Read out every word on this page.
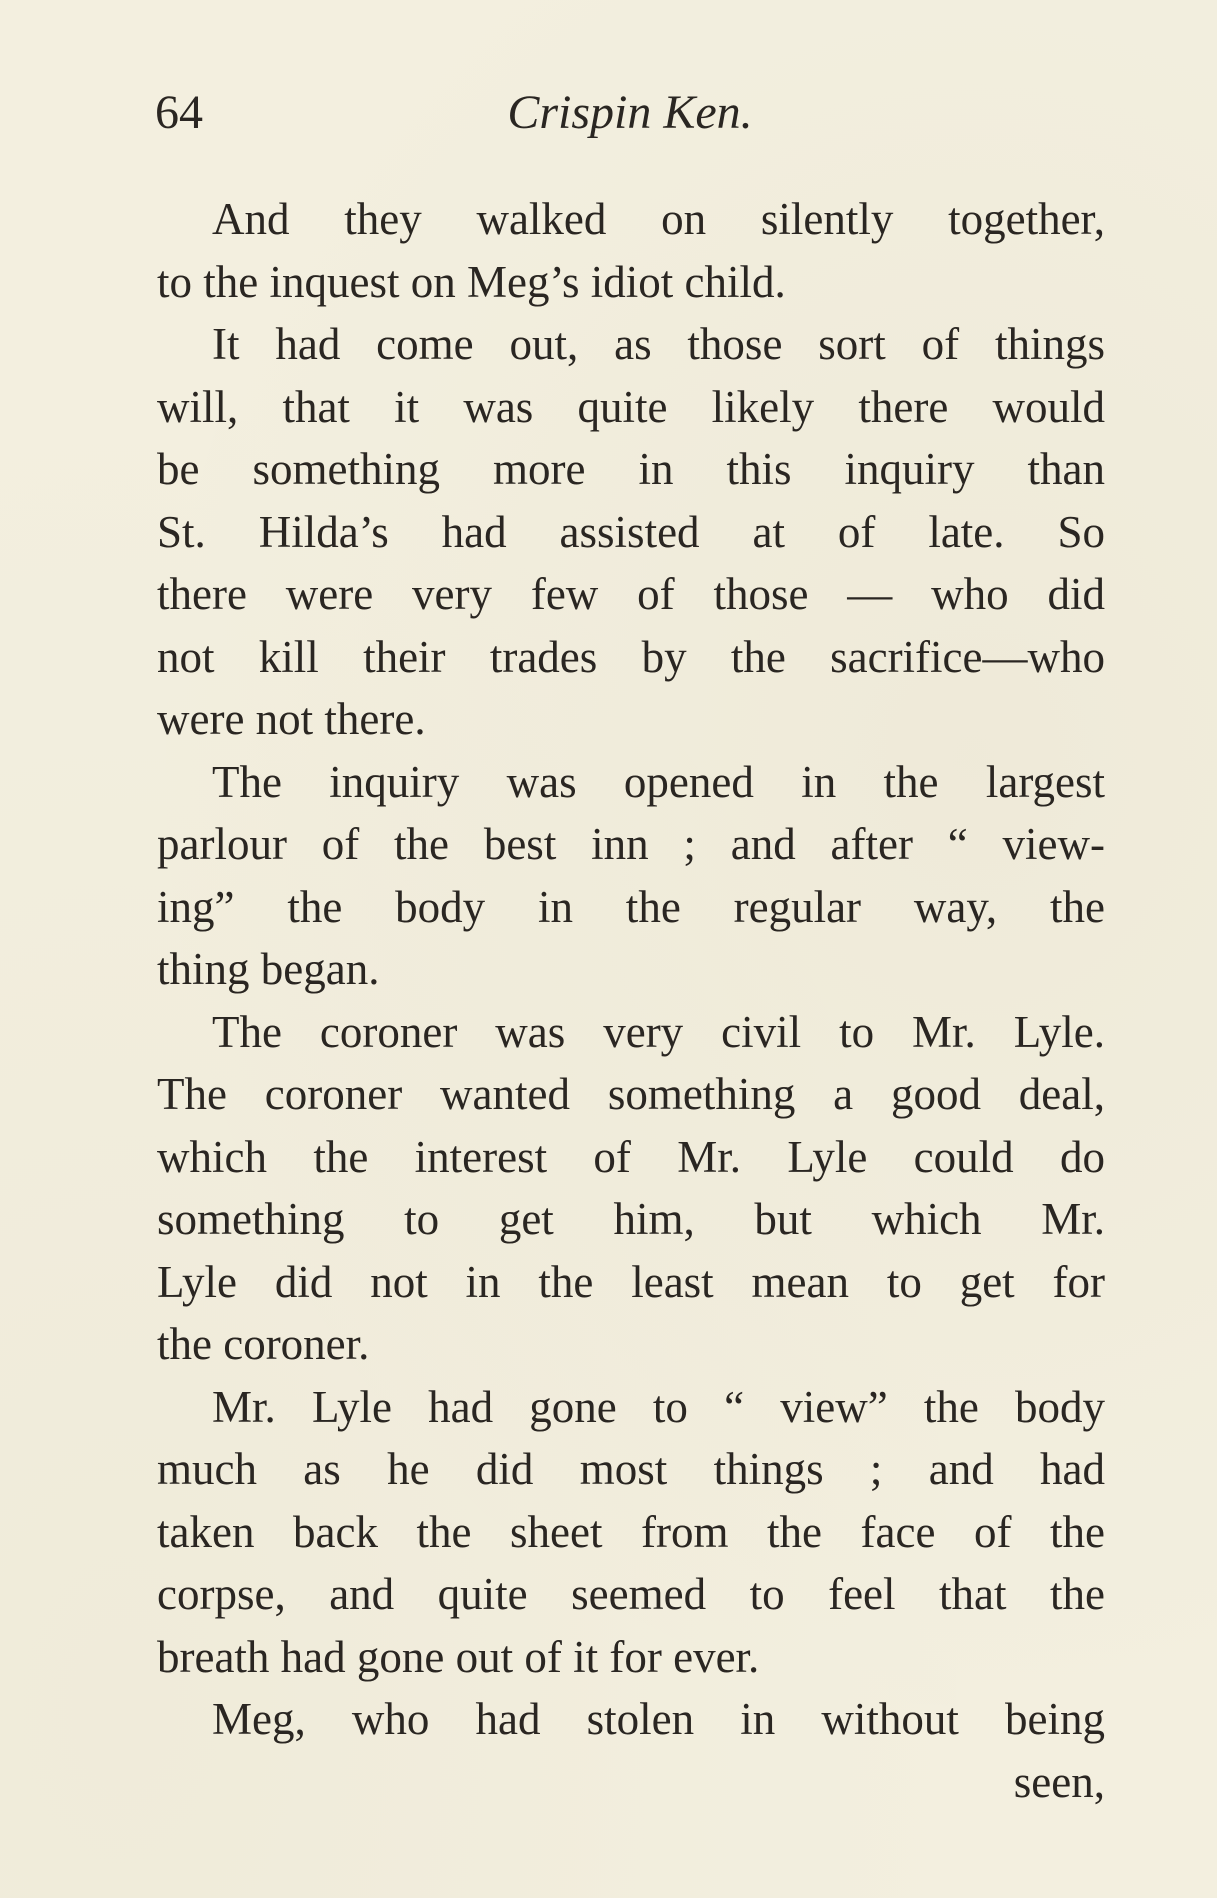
64	Crispin Ken.
And they walked on silently together,
to the inquest on Meg’s idiot child.
It had come out, as those sort of things
will, that it was quite likely there would
be something more in this inquiry than
St. Hilda’s had assisted at of late. So
there were very few of those — who did
not kill their trades by the sacrifice—who
were not there.
The inquiry was opened in the largest
parlour of the best inn ; and after “ view-
ing” the body in the regular way, the
thing began.
The coroner was very civil to Mr. Lyle.
The coroner wanted something a good deal,
which the interest of Mr. Lyle could do
something to get him, but which Mr.
Lyle did not in the least mean to get for
the coroner.
Mr. Lyle had gone to “ view” the body
much as he did most things ; and had
taken back the sheet from the face of the
corpse, and quite seemed to feel that the
breath had gone out of it for ever.
Meg, who had stolen in without being
seen,
